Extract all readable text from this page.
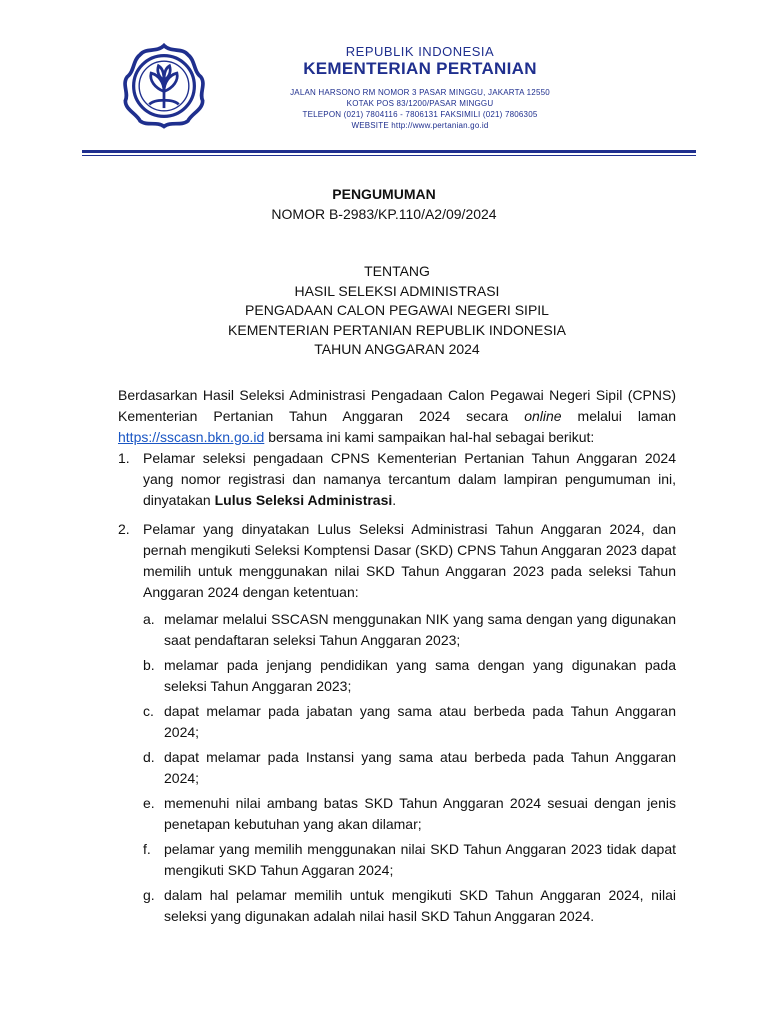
REPUBLIK INDONESIA
KEMENTERIAN PERTANIAN
JALAN HARSONO RM NOMOR 3 PASAR MINGGU, JAKARTA 12550
KOTAK POS 83/1200/PASAR MINGGU
TELEPON (021) 7804116 - 7806131 FAKSIMILI (021) 7806305
WEBSITE http://www.pertanian.go.id
PENGUMUMAN
NOMOR B-2983/KP.110/A2/09/2024
TENTANG
HASIL SELEKSI ADMINISTRASI
PENGADAAN CALON PEGAWAI NEGERI SIPIL
KEMENTERIAN PERTANIAN REPUBLIK INDONESIA
TAHUN ANGGARAN 2024

Berdasarkan Hasil Seleksi Administrasi Pengadaan Calon Pegawai Negeri Sipil (CPNS) Kementerian Pertanian Tahun Anggaran 2024 secara online melalui laman https://sscasn.bkn.go.id bersama ini kami sampaikan hal-hal sebagai berikut:

1. Pelamar seleksi pengadaan CPNS Kementerian Pertanian Tahun Anggaran 2024 yang nomor registrasi dan namanya tercantum dalam lampiran pengumuman ini, dinyatakan Lulus Seleksi Administrasi.
2. Pelamar yang dinyatakan Lulus Seleksi Administrasi Tahun Anggaran 2024, dan pernah mengikuti Seleksi Komptensi Dasar (SKD) CPNS Tahun Anggaran 2023 dapat memilih untuk menggunakan nilai SKD Tahun Anggaran 2023 pada seleksi Tahun Anggaran 2024 dengan ketentuan:
a. melamar melalui SSCASN menggunakan NIK yang sama dengan yang digunakan saat pendaftaran seleksi Tahun Anggaran 2023;
b. melamar pada jenjang pendidikan yang sama dengan yang digunakan pada seleksi Tahun Anggaran 2023;
c. dapat melamar pada jabatan yang sama atau berbeda pada Tahun Anggaran 2024;
d. dapat melamar pada Instansi yang sama atau berbeda pada Tahun Anggaran 2024;
e. memenuhi nilai ambang batas SKD Tahun Anggaran 2024 sesuai dengan jenis penetapan kebutuhan yang akan dilamar;
f. pelamar yang memilih menggunakan nilai SKD Tahun Anggaran 2023 tidak dapat mengikuti SKD Tahun Aggaran 2024;
g. dalam hal pelamar memilih untuk mengikuti SKD Tahun Anggaran 2024, nilai seleksi yang digunakan adalah nilai hasil SKD Tahun Anggaran 2024.
